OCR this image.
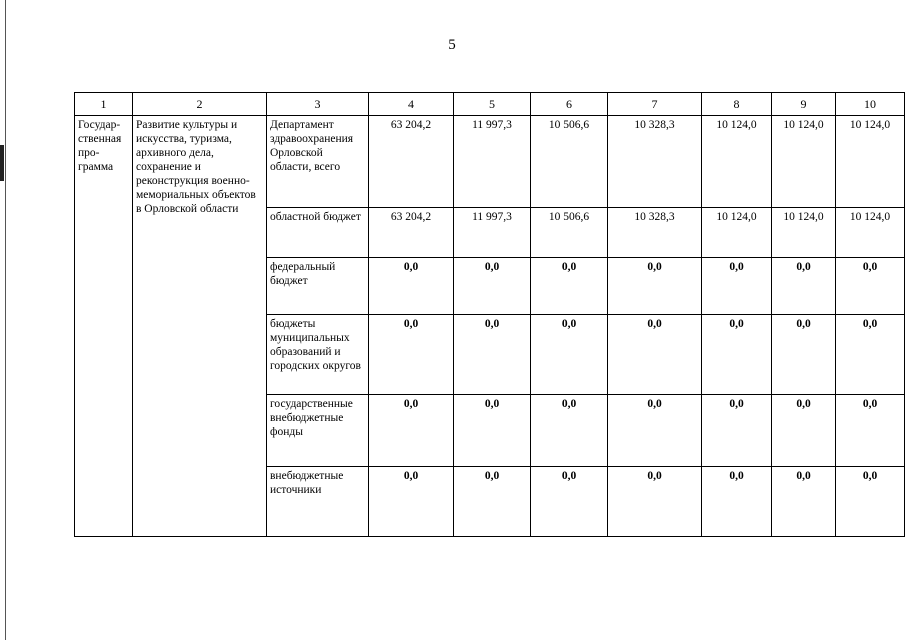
5
1	2	3	4	5	6	7	8	9	10
Государ-ственная про-грамма	Развитие культуры и искусства, туризма, архивного дела, сохранение и реконструкция военно-мемориальных объектов в Орловской области	Департамент здравоохранения Орловской области, всего	63 204,2	11 997,3	10 506,6	10 328,3	10 124,0	10 124,0	10 124,0
		областной бюджет	63 204,2	11 997,3	10 506,6	10 328,3	10 124,0	10 124,0	10 124,0
		федеральный бюджет	0,0	0,0	0,0	0,0	0,0	0,0	0,0
		бюджеты муниципальных образований и городских округов	0,0	0,0	0,0	0,0	0,0	0,0	0,0
		государственные внебюджетные фонды	0,0	0,0	0,0	0,0	0,0	0,0	0,0
		внебюджетные источники	0,0	0,0	0,0	0,0	0,0	0,0	0,0
